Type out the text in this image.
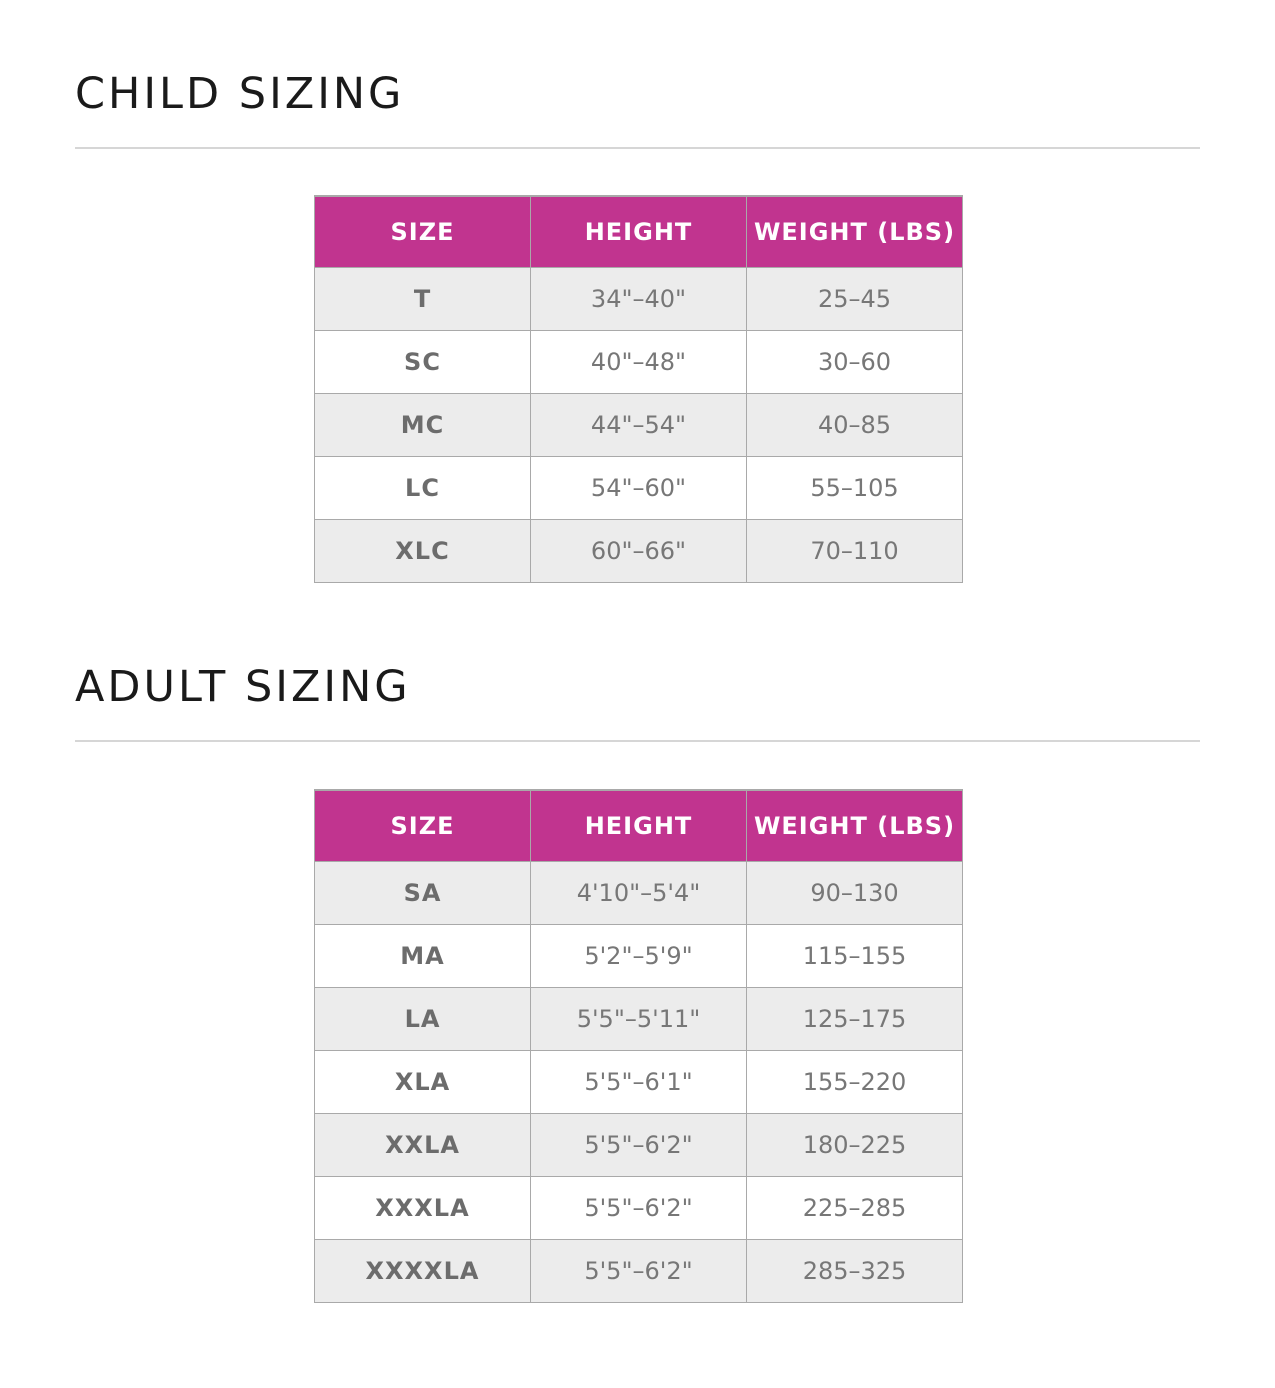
CHILD SIZING
SIZE	HEIGHT	WEIGHT (LBS)
T	34"–40"	25–45
SC	40"–48"	30–60
MC	44"–54"	40–85
LC	54"–60"	55–105
XLC	60"–66"	70–110
ADULT SIZING
SIZE	HEIGHT	WEIGHT (LBS)
SA	4'10"–5'4"	90–130
MA	5'2"–5'9"	115–155
LA	5'5"–5'11"	125–175
XLA	5'5"–6'1"	155–220
XXLA	5'5"–6'2"	180–225
XXXLA	5'5"–6'2"	225–285
XXXXLA	5'5"–6'2"	285–325
